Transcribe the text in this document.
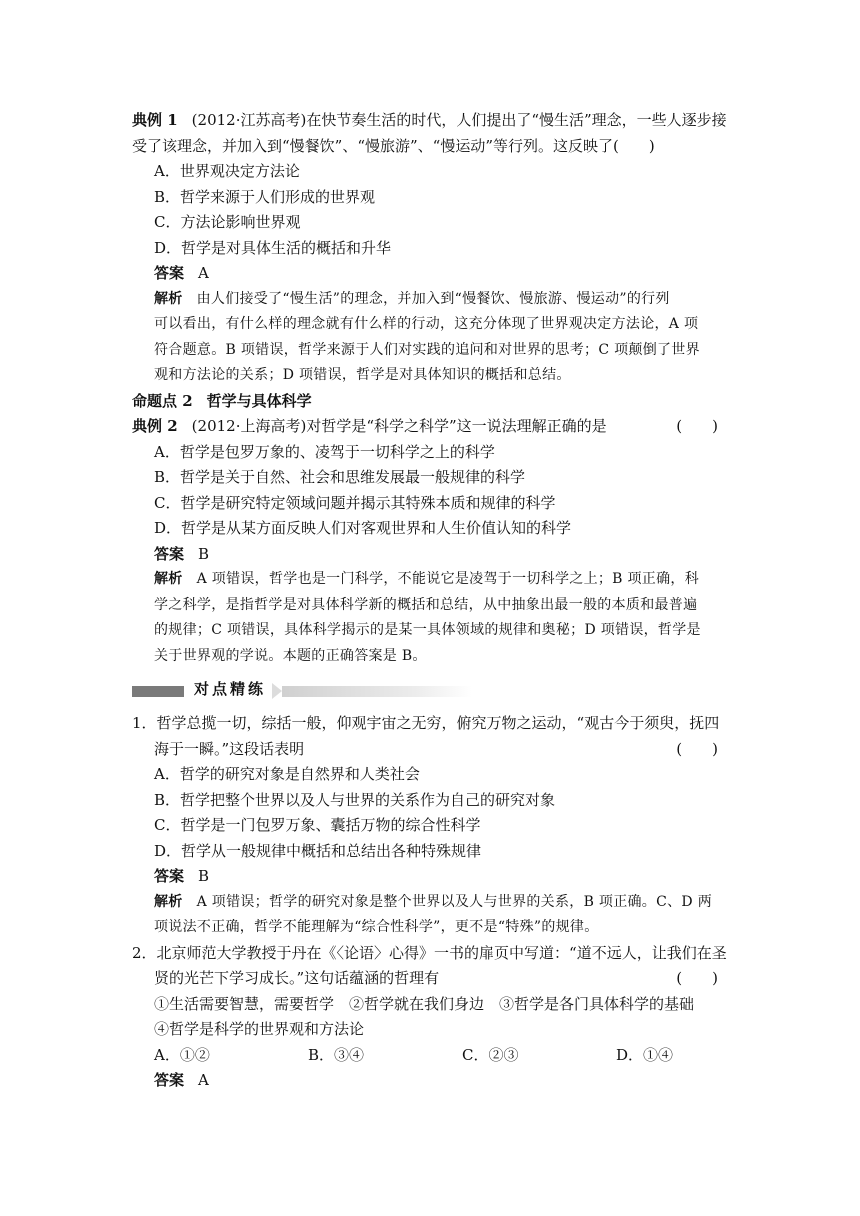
典例 1 (2012·江苏高考)在快节奏生活的时代，人们提出了“慢生活”理念，一些人逐步接
受了该理念，并加入到“慢餐饮”、“慢旅游”、“慢运动”等行列。这反映了(　　)
A．世界观决定方法论
B．哲学来源于人们形成的世界观
C．方法论影响世界观
D．哲学是对具体生活的概括和升华
答案 A
解析 由人们接受了“慢生活”的理念，并加入到“慢餐饮、慢旅游、慢运动”的行列
可以看出，有什么样的理念就有什么样的行动，这充分体现了世界观决定方法论，A 项
符合题意。B 项错误，哲学来源于人们对实践的追问和对世界的思考；C 项颠倒了世界
观和方法论的关系；D 项错误，哲学是对具体知识的概括和总结。
命题点 2 哲学与具体科学
典例 2 (2012·上海高考)对哲学是“科学之科学”这一说法理解正确的是	(　　)
A．哲学是包罗万象的、凌驾于一切科学之上的科学
B．哲学是关于自然、社会和思维发展最一般规律的科学
C．哲学是研究特定领域问题并揭示其特殊本质和规律的科学
D．哲学是从某方面反映人们对客观世界和人生价值认知的科学
答案 B
解析 A 项错误，哲学也是一门科学，不能说它是凌驾于一切科学之上；B 项正确，科
学之科学，是指哲学是对具体科学新的概括和总结，从中抽象出最一般的本质和最普遍
的规律；C 项错误，具体科学揭示的是某一具体领域的规律和奥秘；D 项错误，哲学是
关于世界观的学说。本题的正确答案是 B。
对点精练
1．哲学总揽一切，综括一般，仰观宇宙之无穷，俯究万物之运动，“观古今于须臾，抚四
海于一瞬。”这段话表明	(　　)
A．哲学的研究对象是自然界和人类社会
B．哲学把整个世界以及人与世界的关系作为自己的研究对象
C．哲学是一门包罗万象、囊括万物的综合性科学
D．哲学从一般规律中概括和总结出各种特殊规律
答案 B
解析 A 项错误；哲学的研究对象是整个世界以及人与世界的关系，B 项正确。C、D 两
项说法不正确，哲学不能理解为“综合性科学”，更不是“特殊”的规律。
2．北京师范大学教授于丹在《〈论语〉心得》一书的扉页中写道：“道不远人，让我们在圣
贤的光芒下学习成长。”这句话蕴涵的哲理有	(　　)
①生活需要智慧，需要哲学　②哲学就在我们身边　③哲学是各门具体科学的基础
④哲学是科学的世界观和方法论
A．①②	B．③④	C．②③	D．①④
答案 A
